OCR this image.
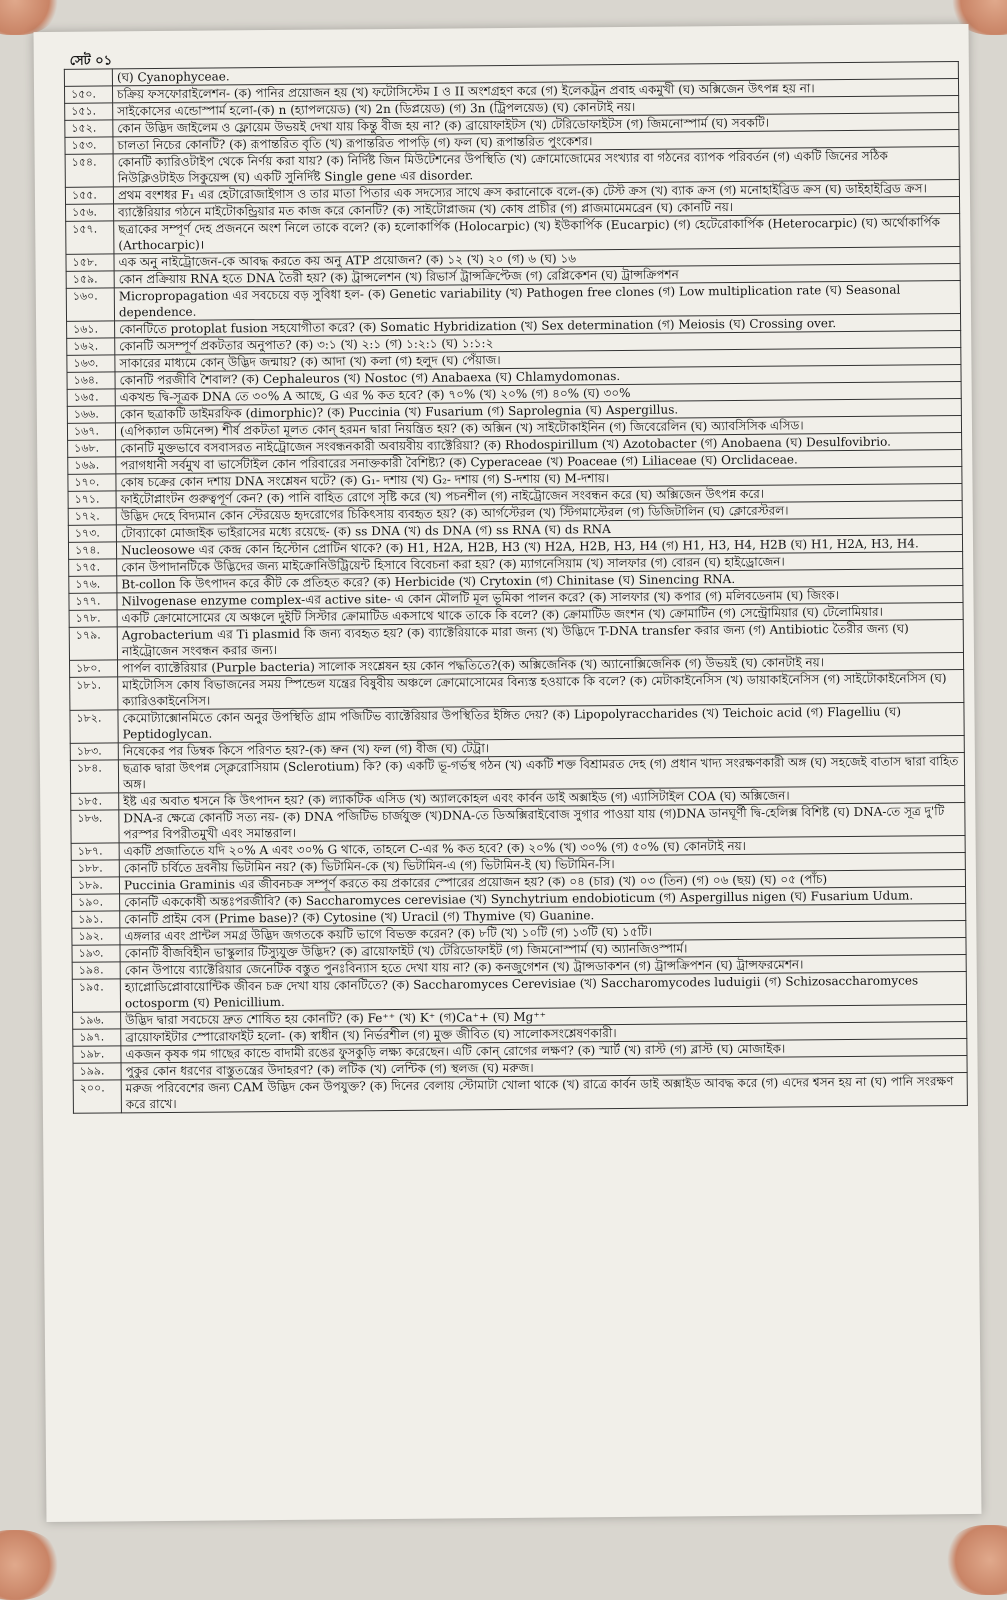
সেট ০১
	(ঘ) Cyanophyceae.
১৫০.	চক্রিয় ফসফোরাইলেশন- (ক) পানির প্রয়োজন হয় (খ) ফটোসিস্টেম I ও II অংশগ্রহণ করে (গ) ইলেকট্রন প্রবাহ একমুখী (ঘ) অক্সিজেন উৎপন্ন হয় না।
১৫১.	সাইকোসের এন্ডোস্পার্ম হলো-(ক) n (হ্যাপলয়েড) (খ) 2n (ডিপ্লয়েড) (গ) 3n (ট্রিপলয়েড) (ঘ) কোনটাই নয়।
১৫২.	কোন উদ্ভিদ জাইলেম ও ফ্লোয়েম উভয়ই দেখা যায় কিন্তু বীজ হয় না? (ক) ব্রায়োফাইটস (খ) টেরিডোফাইটস (গ) জিমনোস্পার্ম (ঘ) সবকটি।
১৫৩.	চালতা নিচের কোনটি? (ক) রূপান্তরিত বৃতি (খ) রূপান্তরিত পাপড়ি (গ) ফল (ঘ) রূপান্তরিত পুংকেশর।
১৫৪.	কোনটি ক্যারিওটাইপ থেকে নির্ণয় করা যায়? (ক) নির্দিষ্ট জিন মিউটেশনের উপস্থিতি (খ) ক্রোমোজোমের সংখ্যার বা গঠনের ব্যাপক পরিবর্তন (গ) একটি জিনের সঠিক নিউক্লিওটাইড সিকুয়েন্স (ঘ) একটি সুনির্দিষ্ট Single gene এর disorder.
১৫৫.	প্রথম বংশধর F₁ এর হেটারোজাইগাস ও তার মাতা পিতার এক সদস্যের সাথে ক্রস করানোকে বলে-(ক) টেস্ট ক্রস (খ) ব্যাক ক্রস (গ) মনোহাইব্রিড ক্রস (ঘ) ডাইহাইব্রিড ক্রস।
১৫৬.	ব্যাক্টেরিয়ার গঠনে মাইটোকন্ড্রিয়ার মত কাজ করে কোনটি? (ক) সাইটোপ্লাজম (খ) কোষ প্রাচীর (গ) প্লাজমামেমব্রেন (ঘ) কোনটি নয়।
১৫৭.	ছত্রাকের সম্পূর্ণ দেহ প্রজননে অংশ নিলে তাকে বলে? (ক) হলোকার্পিক (Holocarpic) (খ) ইউকার্পিক (Eucarpic) (গ) হেটেরোকার্পিক (Heterocarpic) (ঘ) অর্থোকার্পিক (Arthocarpic)।
১৫৮.	এক অনু নাইট্রোজেন-কে আবদ্ধ করতে কয় অনু ATP প্রয়োজন? (ক) ১২ (খ) ২০ (গ) ৬ (ঘ) ১৬
১৫৯.	কোন প্রক্রিয়ায় RNA হতে DNA তৈরী হয়? (ক) ট্রান্সলেশন (খ) রিভার্স ট্রান্সক্রিপ্টেজ (গ) রেপ্লিকেশন (ঘ) ট্রান্সক্রিপশন
১৬০.	Micropropagation এর সবচেয়ে বড় সুবিধা হল- (ক) Genetic variability (খ) Pathogen free clones (গ) Low multiplication rate (ঘ) Seasonal dependence.
১৬১.	কোনটিতে protoplat fusion সহযোগীতা করে? (ক) Somatic Hybridization (খ) Sex determination (গ) Meiosis (ঘ) Crossing over.
১৬২.	কোনটি অসম্পূর্ণ প্রকটতার অনুপাত? (ক) ৩:১ (খ) ২:১ (গ) ১:২:১ (ঘ) ১:১:২
১৬৩.	সাকারের মাধ্যমে কোন্ উদ্ভিদ জন্মায়? (ক) আদা (খ) কলা (গ) হলুদ (ঘ) পেঁয়াজ।
১৬৪.	কোনটি পরজীবি শৈবাল? (ক) Cephaleuros (খ) Nostoc (গ) Anabaexa (ঘ) Chlamydomonas.
১৬৫.	একখন্ড দ্বি-সূত্রক DNA তে ৩০% A আছে, G এর % কত হবে? (ক) ৭০% (খ) ২০% (গ) ৪০% (ঘ) ৩০%
১৬৬.	কোন ছত্রাকটি ডাইমরফিক (dimorphic)? (ক) Puccinia (খ) Fusarium (গ) Saprolegnia (ঘ) Aspergillus.
১৬৭.	(এপিক্যাল ডমিনেন্স) শীর্ষ প্রকটতা মূলত কোন্ হরমন দ্বারা নিয়ন্ত্রিত হয়? (ক) অক্সিন (খ) সাইটোকাইনিন (গ) জিবেরেলিন (ঘ) অ্যাবসিসিক এসিড।
১৬৮.	কোনটি মুক্তভাবে বসবাসরত নাইট্রোজেন সংবন্ধনকারী অবায়বীয় ব্যাক্টেরিয়া? (ক) Rhodospirillum (খ) Azotobacter (গ) Anobaena (ঘ) Desulfovibrio.
১৬৯.	পরাগধানী সর্বমুখ বা ভার্সেটাইল কোন পরিবারের সনাক্তকারী বৈশিষ্ট্য? (ক) Cyperaceae (খ) Poaceae (গ) Liliaceae (ঘ) Orclidaceae.
১৭০.	কোষ চক্রের কোন দশায় DNA সংশ্লেষন ঘটে? (ক) G₁- দশায় (খ) G₂- দশায় (গ) S-দশায় (ঘ) M-দশায়।
১৭১.	ফাইটোপ্লাংটন গুরুত্বপূর্ণ কেন? (ক) পানি বাহিত রোগে সৃষ্টি করে (খ) পচনশীল (গ) নাইট্রোজেন সংবন্ধন করে (ঘ) অক্সিজেন উৎপন্ন করে।
১৭২.	উদ্ভিদ দেহে বিদ্যমান কোন স্টেরয়েড হৃদরোগের চিকিৎসায় ব্যবহৃত হয়? (ক) আর্গস্টেরল (খ) স্টিগমাস্টেরল (গ) ডিজিটালিন (ঘ) ক্লোরেস্টরল।
১৭৩.	টোব্যাকো মোজাইক ভাইরাসের মধ্যে রয়েছে- (ক) ss DNA (খ) ds DNA (গ) ss RNA (ঘ) ds RNA
১৭৪.	Nucleosowe এর কেন্দ্র কোন হিস্টোন প্রোটিন থাকে? (ক) H1, H2A, H2B, H3 (খ) H2A, H2B, H3, H4 (গ) H1, H3, H4, H2B (ঘ) H1, H2A, H3, H4.
১৭৫.	কোন উপাদানটিকে উদ্ভিদের জন্য মাইক্রোনিউট্রিয়েন্ট হিসাবে বিবেচনা করা হয়? (ক) ম্যাগনেসিয়াম (খ) সালফার (গ) বোরন (ঘ) হাইড্রোজেন।
১৭৬.	Bt-collon কি উৎপাদন করে কীট কে প্রতিহত করে? (ক) Herbicide (খ) Crytoxin (গ) Chinitase (ঘ) Sinencing RNA.
১৭৭.	Nilvogenase enzyme complex-এর active site- এ কোন মৌলটি মূল ভূমিকা পালন করে? (ক) সালফার (খ) কপার (গ) মলিবডেনাম (ঘ) জিংক।
১৭৮.	একটি ক্রোমোসোমের যে অঞ্চলে দুইটি সিস্টার ক্রোমাটিড একসাথে থাকে তাকে কি বলে? (ক) ক্রোমাটিড জংশন (খ) ক্রোমাটিন (গ) সেন্ট্রোমিয়ার (ঘ) টেলোমিয়ার।
১৭৯.	Agrobacterium এর Ti plasmid কি জন্য ব্যবহৃত হয়? (ক) ব্যাক্টেরিয়াকে মারা জন্য (খ) উদ্ভিদে T-DNA transfer করার জন্য (গ) Antibiotic তৈরীর জন্য (ঘ) নাইট্রোজেন সংবন্ধন করার জন্য।
১৮০.	পার্পল ব্যাক্টেরিয়ার (Purple bacteria) সালোক সংশ্লেষন হয় কোন পদ্ধতিতে?(ক) অক্সিজেনিক (খ) অ্যানোক্সিজেনিক (গ) উভয়ই (ঘ) কোনটাই নয়।
১৮১.	মাইটোসিস কোষ বিভাজনের সময় স্পিন্ডেল যন্ত্রের বিষুবীয় অঞ্চলে ক্রোমোসোমের বিন্যস্ত হওয়াকে কি বলে? (ক) মেটাকাইনেসিস (খ) ডায়াকাইনেসিস (গ) সাইটোকাইনেসিস (ঘ) ক্যারিওকাইনেসিস।
১৮২.	কেমোট্যাক্সোনমিতে কোন অনুর উপস্থিতি গ্রাম পজিটিভ ব্যাক্টেরিয়ার উপস্থিতির ইঙ্গিত দেয়? (ক) Lipopolyraccharides (খ) Teichoic acid (গ) Flagelliu (ঘ) Peptidoglycan.
১৮৩.	নিষেকের পর ডিম্বক কিসে পরিণত হয়?-(ক) ভ্রুন (খ) ফল (গ) বীজ (ঘ) টেট্রা।
১৮৪.	ছত্রাক দ্বারা উৎপন্ন স্ক্লেরোসিয়াম (Sclerotium) কি? (ক) একটি ভূ-গর্ভস্থ গঠন (খ) একটি শক্ত বিশ্রামরত দেহ (গ) প্রধান খাদ্য সংরক্ষণকারী অঙ্গ (ঘ) সহজেই বাতাস দ্বারা বাহিত অঙ্গ।
১৮৫.	ইষ্ট এর অবাত শ্বসনে কি উৎপাদন হয়? (ক) ল্যাকটিক এসিড (খ) অ্যালকোহল এবং কার্বন ডাই অক্সাইড (গ) এ্যাসিটাইল COA (ঘ) অক্সিজেন।
১৮৬.	DNA-র ক্ষেত্রে কোনটি সত্য নয়- (ক) DNA পজিটিভ চার্জযুক্ত (খ)DNA-তে ডিঅক্সিরাইবোজ সুগার পাওয়া যায় (গ)DNA ডানঘূর্ণী দ্বি-হেলিক্স বিশিষ্ট (ঘ) DNA-তে সূত্র দু'টি পরস্পর বিপরীতমুখী এবং সমান্তরাল।
১৮৭.	একটি প্রজাতিতে যদি ২০% A এবং ৩০% G থাকে, তাহলে C-এর % কত হবে? (ক) ২০% (খ) ৩০% (গ) ৫০% (ঘ) কোনটাই নয়।
১৮৮.	কোনটি চর্বিতে দ্রবনীয় ভিটামিন নয়? (ক) ভিটামিন-কে (খ) ভিটামিন-এ (গ) ভিটামিন-ই (ঘ) ভিটামিন-সি।
১৮৯.	Puccinia Graminis এর জীবনচক্র সম্পূর্ণ করতে কয় প্রকারের স্পোরের প্রয়োজন হয়? (ক) ০৪ (চার) (খ) ০৩ (তিন) (গ) ০৬ (ছয়) (ঘ) ০৫ (পাঁচ)
১৯০.	কোনটি এককোষী অন্তঃপরজীবি? (ক) Saccharomyces cerevisiae (খ) Synchytrium endobioticum (গ) Aspergillus nigen (ঘ) Fusarium Udum.
১৯১.	কোনটি প্রাইম বেস (Prime base)? (ক) Cytosine (খ) Uracil (গ) Thymive (ঘ) Guanine.
১৯২.	এঙ্গলার এবং প্রান্টল সমগ্র উদ্ভিদ জগতকে কয়টি ভাগে বিভক্ত করেন? (ক) ৮টি (খ) ১০টি (গ) ১৩টি (ঘ) ১৫টি।
১৯৩.	কোনটি বীজবিহীন ভাস্কুলার টিস্যুযুক্ত উদ্ভিদ? (ক) ব্রায়োফাইট (খ) টেরিডোফাইট (গ) জিমনোস্পার্ম (ঘ) অ্যানজিওস্পার্ম।
১৯৪.	কোন উপায়ে ব্যাক্টেরিয়ার জেনেটিক বস্তুত পুনঃবিন্যাস হতে দেখা যায় না? (ক) কনজুগেশন (খ) ট্রান্সডাকশন (গ) ট্রান্সক্রিপশন (ঘ) ট্রান্সফরমেশন।
১৯৫.	হ্যাপ্লোডিপ্লোবায়োন্টিক জীবন চক্র দেখা যায় কোনটিতে? (ক) Saccharomyces Cerevisiae (খ) Saccharomycodes luduigii (গ) Schizosaccharomyces octosporm (ঘ) Penicillium.
১৯৬.	উদ্ভিদ দ্বারা সবচেয়ে দ্রুত শোষিত হয় কোনটি? (ক) Fe⁺⁺ (খ) K⁺ (গ)Ca⁺+ (ঘ) Mg⁺⁺
১৯৭.	ব্রায়োফাইটার স্পোরোফাইট হলো- (ক) স্বাধীন (খ) নির্ভরশীল (গ) মুক্ত জীবিত (ঘ) সালোকসংশ্লেষণকারী।
১৯৮.	একজন কৃষক গম গাছের কান্ডে বাদামী রঙের ফুসকুড়ি লক্ষ্য করেছেন। এটি কোন্ রোগের লক্ষণ? (ক) স্মার্ট (খ) রাস্ট (গ) ব্লাস্ট (ঘ) মোজাইক।
১৯৯.	পুকুর কোন ধরণের বাস্তুতন্ত্রের উদাহরণ? (ক) লটিক (খ) লেন্টিক (গ) স্থলজ (ঘ) মরুজ।
২০০.	মরুজ পরিবেশের জন্য CAM উদ্ভিদ কেন উপযুক্ত? (ক) দিনের বেলায় স্টোমাটা খোলা থাকে (খ) রাত্রে কার্বন ডাই অক্সাইড আবদ্ধ করে (গ) এদের শ্বসন হয় না (ঘ) পানি সংরক্ষণ করে রাখে।
